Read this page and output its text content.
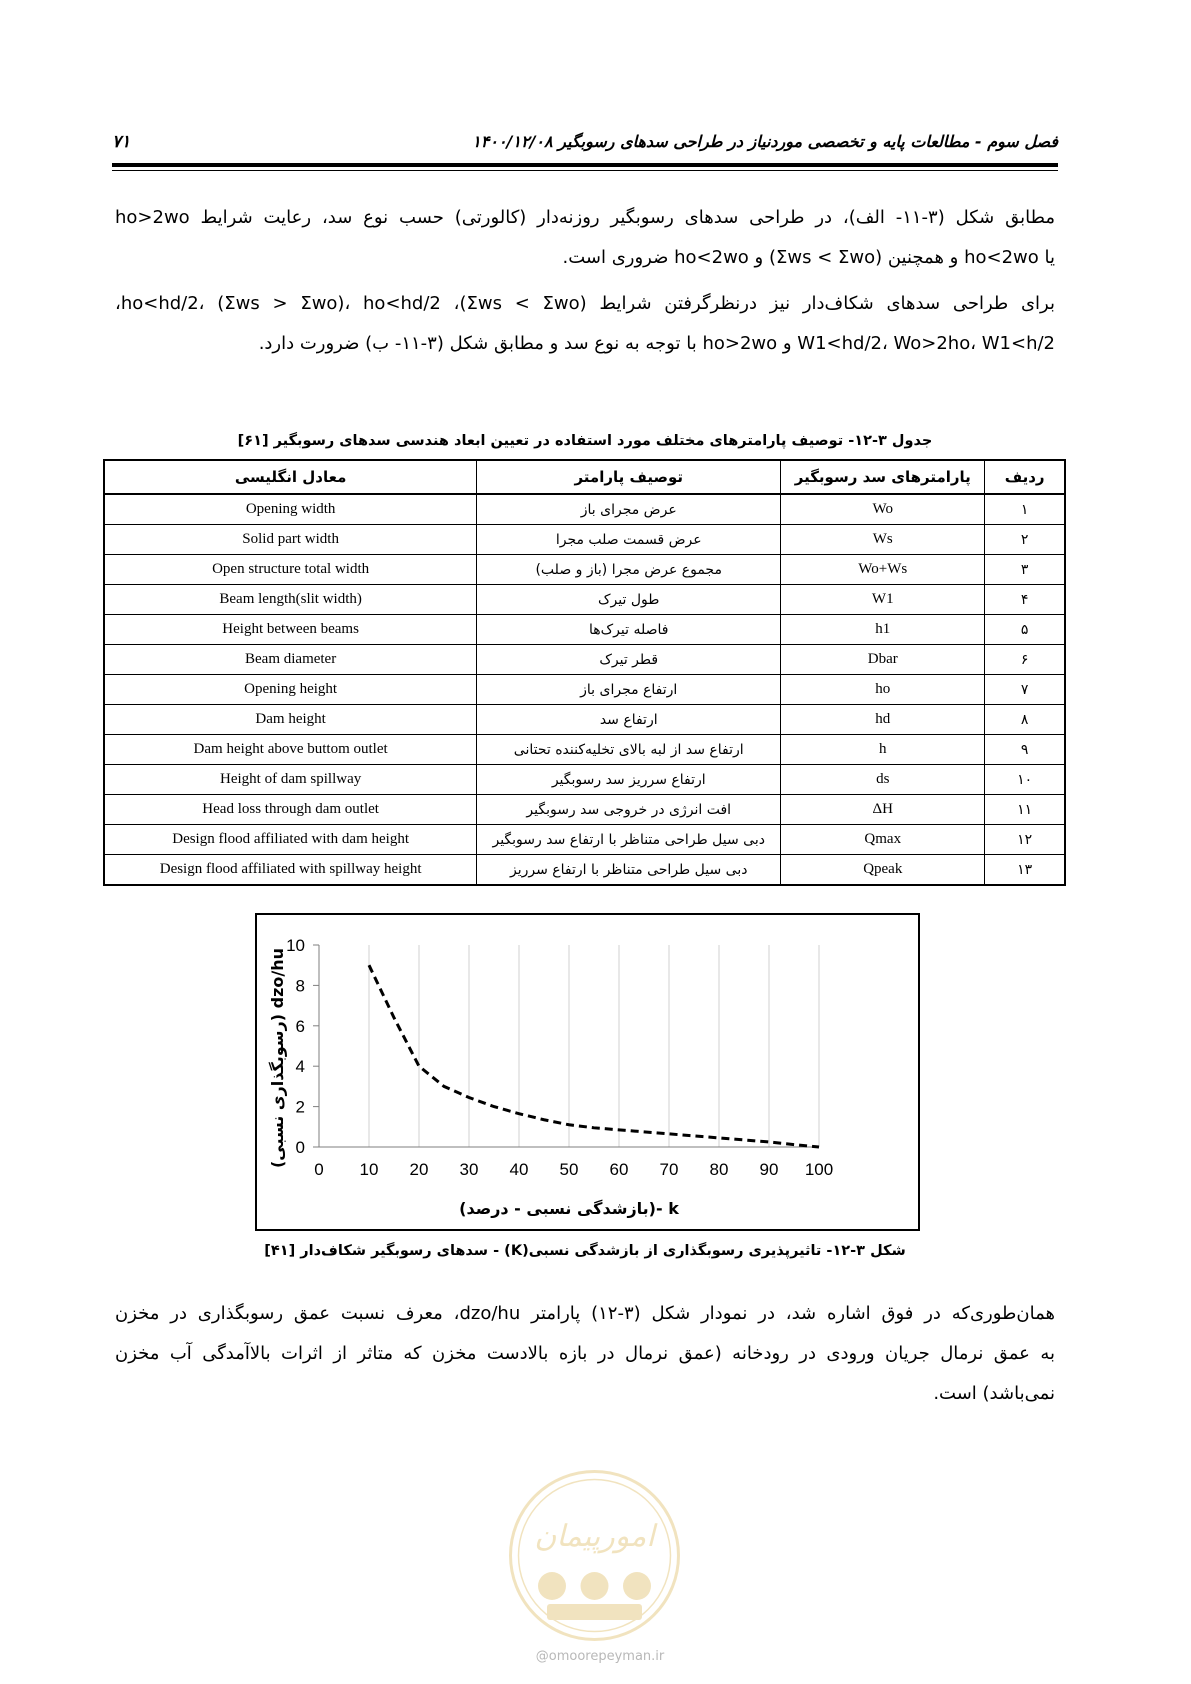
فصل سوم - مطالعات پایه و تخصصی موردنیاز در طراحی سدهای رسوبگیر ۱۴۰۰/۱۲/۰۸
۷۱
مطابق شکل (۳-۱۱- الف)، در طراحی سدهای رسوبگیر روزنه‌دار (کالورتی) حسب نوع سد، رعایت شرایط ho>2wo
یا ho<2wo و همچنین (Σws < Σwo) و ho<2wo ضروری است.
برای طراحی سدهای شکاف‌دار نیز درنظرگرفتن شرایط (Σws < Σwo)، ho<hd/2، (Σws > Σwo)، ho<hd/2،
W1<hd/2، Wo>2ho، W1<h/2 و ho>2wo با توجه به نوع سد و مطابق شکل (۳-۱۱- ب) ضرورت دارد.
جدول ۳-۱۲- توصیف پارامترهای مختلف مورد استفاده در تعیین ابعاد هندسی سدهای رسوبگیر [۶۱]
ردیف	پارامترهای سد رسوبگیر	توصیف پارامتر	معادل انگلیسی
۱	Wo	عرض مجرای باز	Opening width
۲	Ws	عرض قسمت صلب مجرا	Solid part width
۳	Wo+Ws	مجموع عرض مجرا (باز و صلب)	Open structure total width
۴	W1	طول تیرک	Beam length(slit width)
۵	h1	فاصله تیرک‌ها	Height between beams
۶	Dbar	قطر تیرک	Beam diameter
۷	ho	ارتفاع مجرای باز	Opening height
۸	hd	ارتفاع سد	Dam height
۹	h	ارتفاع سد از لبه بالای تخلیه‌کننده تحتانی	Dam height above buttom outlet
۱۰	ds	ارتفاع سرریز سد رسوبگیر	Height of dam spillway
۱۱	ΔH	افت انرژی در خروجی سد رسوبگیر	Head loss through dam outlet
۱۲	Qmax	دبی سیل طراحی متناظر با ارتفاع سد رسوبگیر	Design flood affiliated with dam height
۱۳	Qpeak	دبی سیل طراحی متناظر با ارتفاع سرریز	Design flood affiliated with spillway height
0
2
4
6
8
10
0 10 20 30 40 50 60 70 80 90 100
k -(بازشدگی نسبی - درصد)
dzo/hu (رسوبگذاری نسبی)
شکل ۳-۱۲- تاثیرپذیری رسوبگذاری از بازشدگی نسبی(K) - سدهای رسوبگیر شکاف‌دار [۴۱]
همان‌طوری‌که در فوق اشاره شد، در نمودار شکل (۳-۱۲) پارامتر dzo/hu، معرف نسبت عمق رسوبگذاری در مخزن
به عمق نرمال جریان ورودی در رودخانه (عمق نرمال در بازه بالادست مخزن که متاثر از اثرات بالاآمدگی آب مخزن
نمی‌باشد) است.
امورپیمان
@omoorepeyman.ir
